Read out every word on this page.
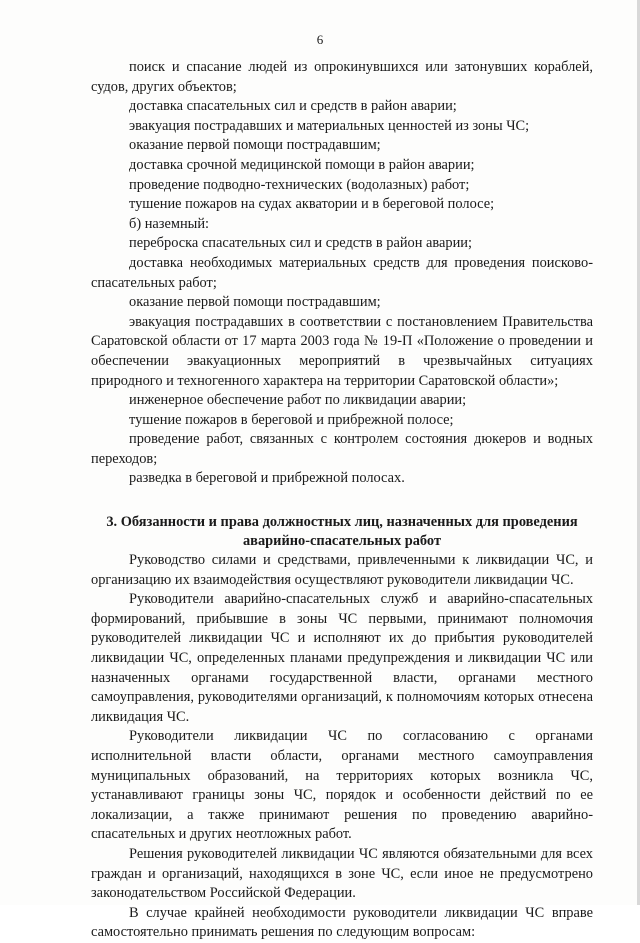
6

поиск и спасание людей из опрокинувшихся или затонувших кораблей, судов, других объектов;

доставка спасательных сил и средств в район аварии;

эвакуация пострадавших и материальных ценностей из зоны ЧС;

оказание первой помощи пострадавшим;

доставка срочной медицинской помощи в район аварии;

проведение подводно-технических (водолазных) работ;

тушение пожаров на судах акватории и в береговой полосе;

б) наземный:

переброска спасательных сил и средств в район аварии;

доставка необходимых материальных средств для проведения поисково-спасательных работ;

оказание первой помощи пострадавшим;

эвакуация пострадавших в соответствии с постановлением Правительства Саратовской области от 17 марта 2003 года № 19-П «Положение о проведении и обеспечении эвакуационных мероприятий в чрезвычайных ситуациях природного и техногенного характера на территории Саратовской области»;

инженерное обеспечение работ по ликвидации аварии;

тушение пожаров в береговой и прибрежной полосе;

проведение работ, связанных с контролем состояния дюкеров и водных переходов;

разведка в береговой и прибрежной полосах.

3. Обязанности и права должностных лиц, назначенных для проведения
аварийно-спасательных работ

Руководство силами и средствами, привлеченными к ликвидации ЧС, и организацию их взаимодействия осуществляют руководители ликвидации ЧС.

Руководители аварийно-спасательных служб и аварийно-спасательных формирований, прибывшие в зоны ЧС первыми, принимают полномочия руководителей ликвидации ЧС и исполняют их до прибытия руководителей ликвидации ЧС, определенных планами предупреждения и ликвидации ЧС или назначенных органами государственной власти, органами местного самоуправления, руководителями организаций, к полномочиям которых отнесена ликвидация ЧС.

Руководители ликвидации ЧС по согласованию с органами исполнительной власти области, органами местного самоуправления муниципальных образований, на территориях которых возникла ЧС, устанавливают границы зоны ЧС, порядок и особенности действий по ее локализации, а также принимают решения по проведению аварийно-спасательных и других неотложных работ.

Решения руководителей ликвидации ЧС являются обязательными для всех граждан и организаций, находящихся в зоне ЧС, если иное не предусмотрено законодательством Российской Федерации.

В случае крайней необходимости руководители ликвидации ЧС вправе самостоятельно принимать решения по следующим вопросам:
